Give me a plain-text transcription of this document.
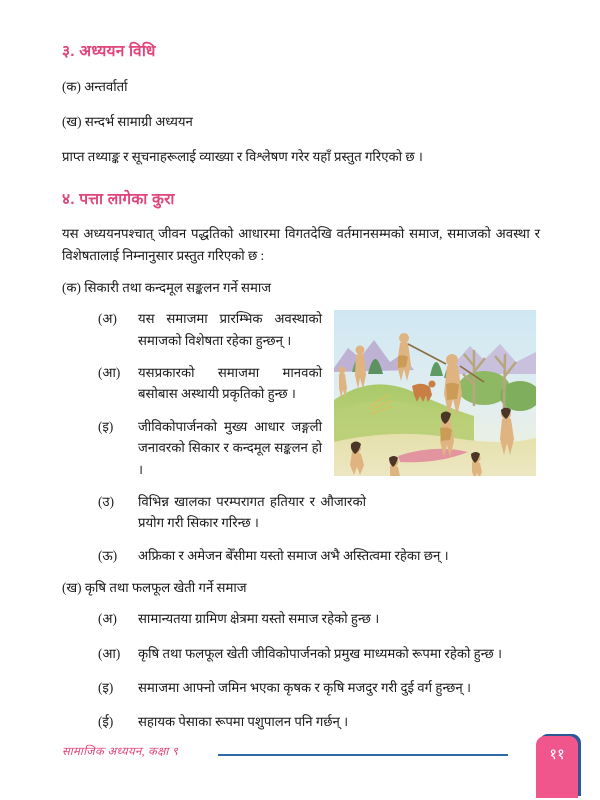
३. अध्ययन विधि

(क) अन्तर्वार्ता

(ख) सन्दर्भ सामाग्री अध्ययन

प्राप्त तथ्याङ्क र सूचनाहरूलाई व्याख्या र विश्लेषण गरेर यहाँ प्रस्तुत गरिएको छ ।

४. पत्ता लागेका कुरा

यस अध्ययनपश्चात् जीवन पद्धतिको आधारमा विगतदेखि वर्तमानसम्मको समाज, समाजको अवस्था र विशेषतालाई निम्नानुसार प्रस्तुत गरिएको छ :

(क) सिकारी तथा कन्दमूल सङ्कलन गर्ने समाज

(अ)	यस समाजमा प्रारम्भिक अवस्थाको समाजको विशेषता रहेका हुन्छन् ।
(आ)	यसप्रकारको समाजमा मानवको बसोबास अस्थायी प्रकृतिको हुन्छ ।
(इ)	जीविकोपार्जनको मुख्य आधार जङ्गली जनावरको सिकार र कन्दमूल सङ्कलन हो ।
(उ)	विभिन्न खालका परम्परागत हतियार र औजारको प्रयोग गरी सिकार गरिन्छ ।
(ऊ)	अफ्रिका र अमेजन बेँसीमा यस्तो समाज अभै अस्तित्वमा रहेका छन् ।

(ख) कृषि तथा फलफूल खेती गर्ने समाज

(अ)	सामान्यतया ग्रामिण क्षेत्रमा यस्तो समाज रहेको हुन्छ ।
(आ)	कृषि तथा फलफूल खेती जीविकोपार्जनको प्रमुख माध्यमको रूपमा रहेको हुन्छ ।
(इ)	समाजमा आफ्नो जमिन भएका कृषक र कृषि मजदुर गरी दुई वर्ग हुन्छन् ।
(ई)	सहायक पेसाका रूपमा पशुपालन पनि गर्छन् ।
सामाजिक अध्ययन, कक्षा ९	११
